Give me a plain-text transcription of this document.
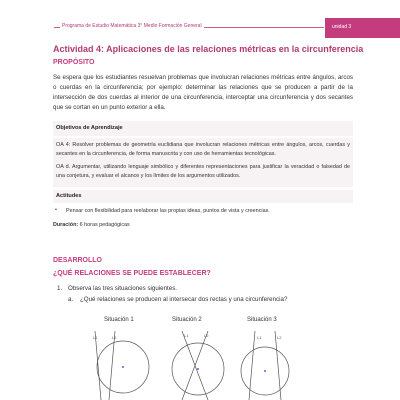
Programa de Estudio Matemática 3° Medio Formación General	unidad 3
Actividad 4: Aplicaciones de las relaciones métricas en la circunferencia
PROPÓSITO
Se espera que los estudiantes resuelvan problemas que involucran relaciones métricas entre ángulos, arcos o cuerdas en la circunferencia; por ejemplo: determinar las relaciones que se producen a partir de la intersección de dos cuerdas al interior de una circunferencia, interceptar una circunferencia y dos secantes que se cortan en un punto exterior a ella.
Objetivos de Aprendizaje
OA 4: Resolver problemas de geometría euclidiana que involucran relaciones métricas entre ángulos, arcos, cuerdas y secantes en la circunferencia, de forma manuscrita y con uso de herramientas tecnológicas.
OA d. Argumentar, utilizando lenguaje simbólico y diferentes representaciones para justificar la veracidad o falsedad de una conjetura, y evaluar el alcance y los límites de los argumentos utilizados.
Actitudes
• Pensar con flexibilidad para reelaborar las propias ideas, puntos de vista y creencias.
Duración: 6 horas pedagógicas
DESARROLLO
¿QUÉ RELACIONES SE PUEDE ESTABLECER?
1. Observa las tres situaciones siguientes.
a. ¿Qué relaciones se producen al intersecar dos rectas y una circunferencia?
Situación 1	Situación 2	Situación 3
L1	L2	L1	L2	L1	L2
